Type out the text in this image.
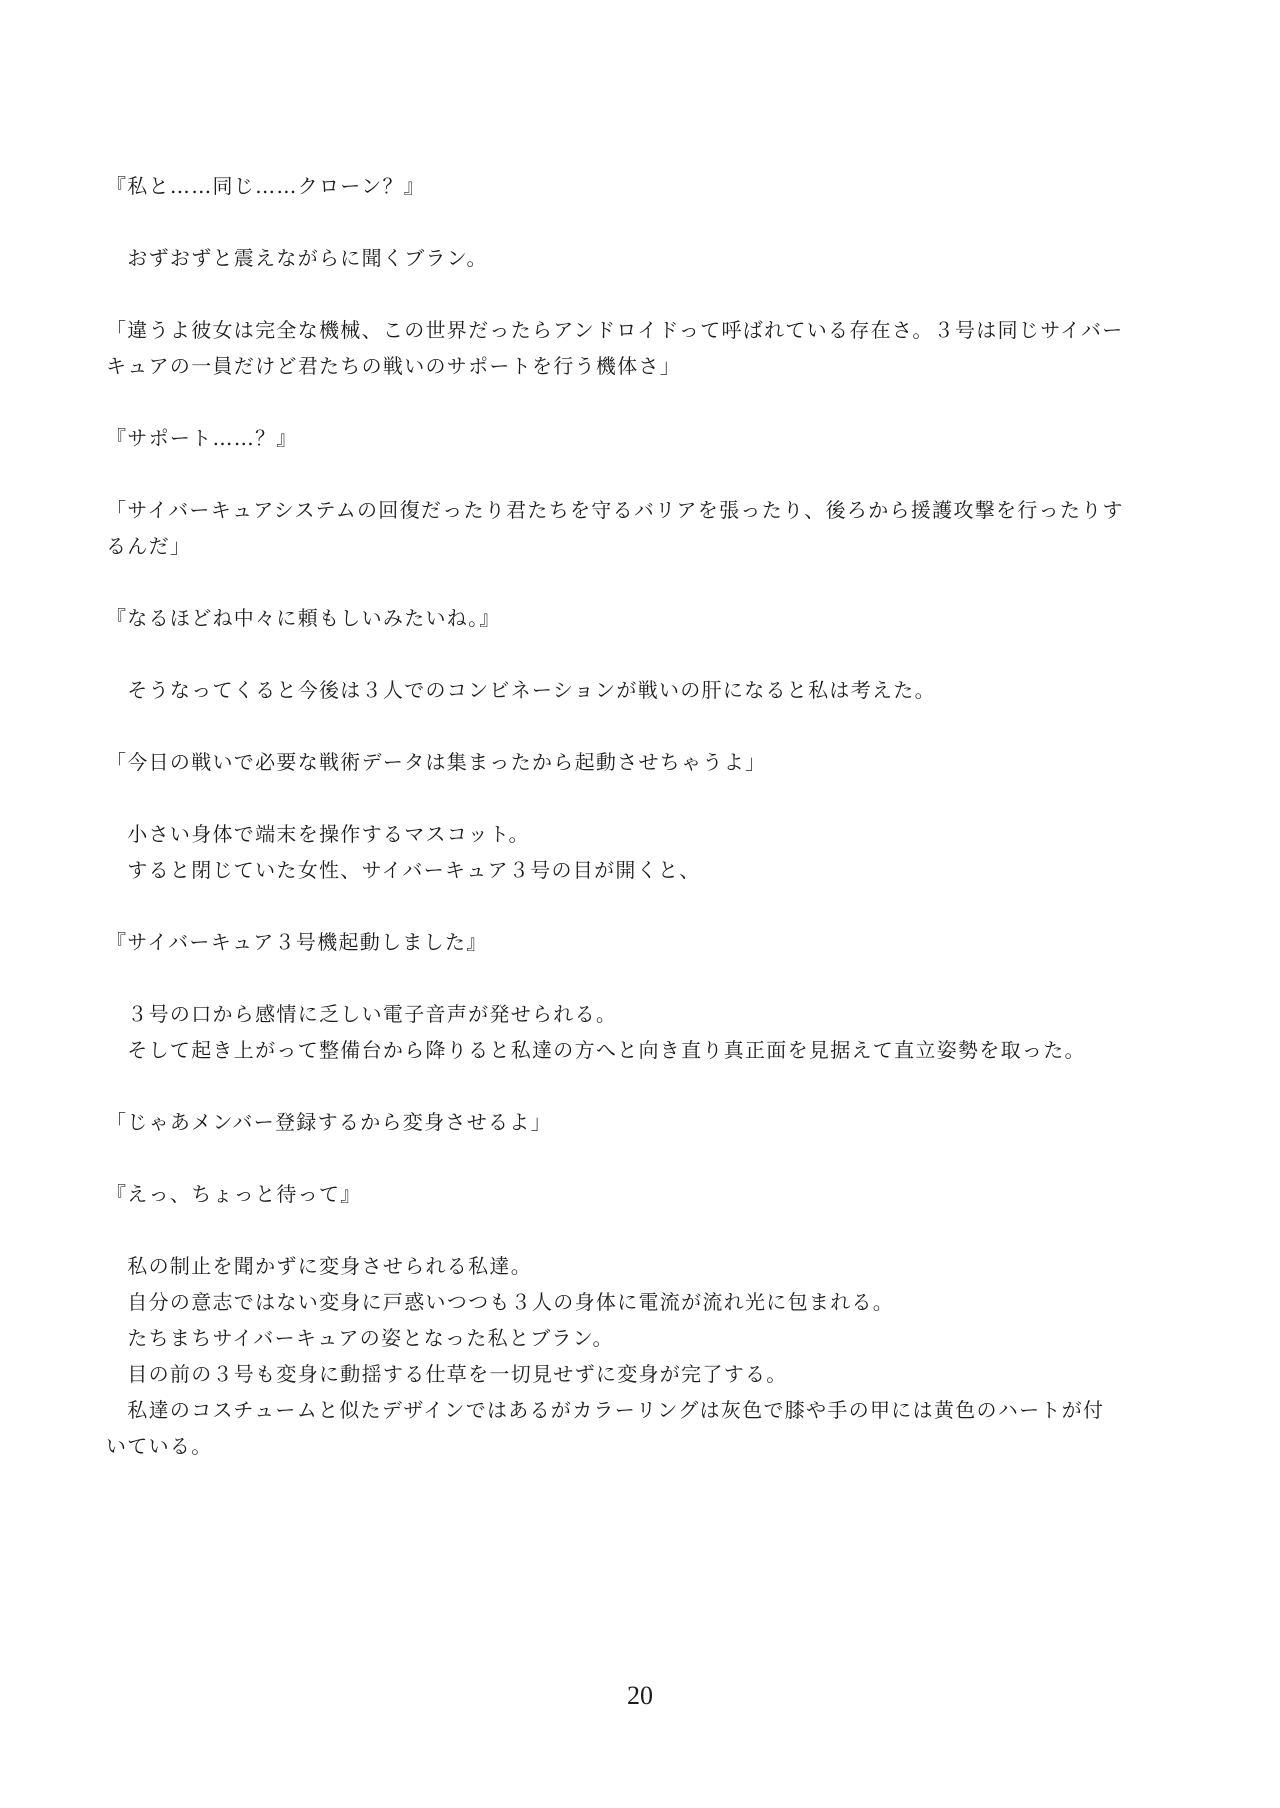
『私と……同じ……クローン？』
　おずおずと震えながらに聞くブラン。
「違うよ彼女は完全な機械、この世界だったらアンドロイドって呼ばれている存在さ。３号は同じサイバー
キュアの一員だけど君たちの戦いのサポートを行う機体さ」
『サポート……？』
「サイバーキュアシステムの回復だったり君たちを守るバリアを張ったり、後ろから援護攻撃を行ったりす
るんだ」
『なるほどね中々に頼もしいみたいね。』
　そうなってくると今後は３人でのコンビネーションが戦いの肝になると私は考えた。
「今日の戦いで必要な戦術データは集まったから起動させちゃうよ」
　小さい身体で端末を操作するマスコット。
　すると閉じていた女性、サイバーキュア３号の目が開くと、
『サイバーキュア３号機起動しました』
　３号の口から感情に乏しい電子音声が発せられる。
　そして起き上がって整備台から降りると私達の方へと向き直り真正面を見据えて直立姿勢を取った。
「じゃあメンバー登録するから変身させるよ」
『えっ、ちょっと待って』
　私の制止を聞かずに変身させられる私達。
　自分の意志ではない変身に戸惑いつつも３人の身体に電流が流れ光に包まれる。
　たちまちサイバーキュアの姿となった私とブラン。
　目の前の３号も変身に動揺する仕草を一切見せずに変身が完了する。
　私達のコスチュームと似たデザインではあるがカラーリングは灰色で膝や手の甲には黄色のハートが付
いている。
20
